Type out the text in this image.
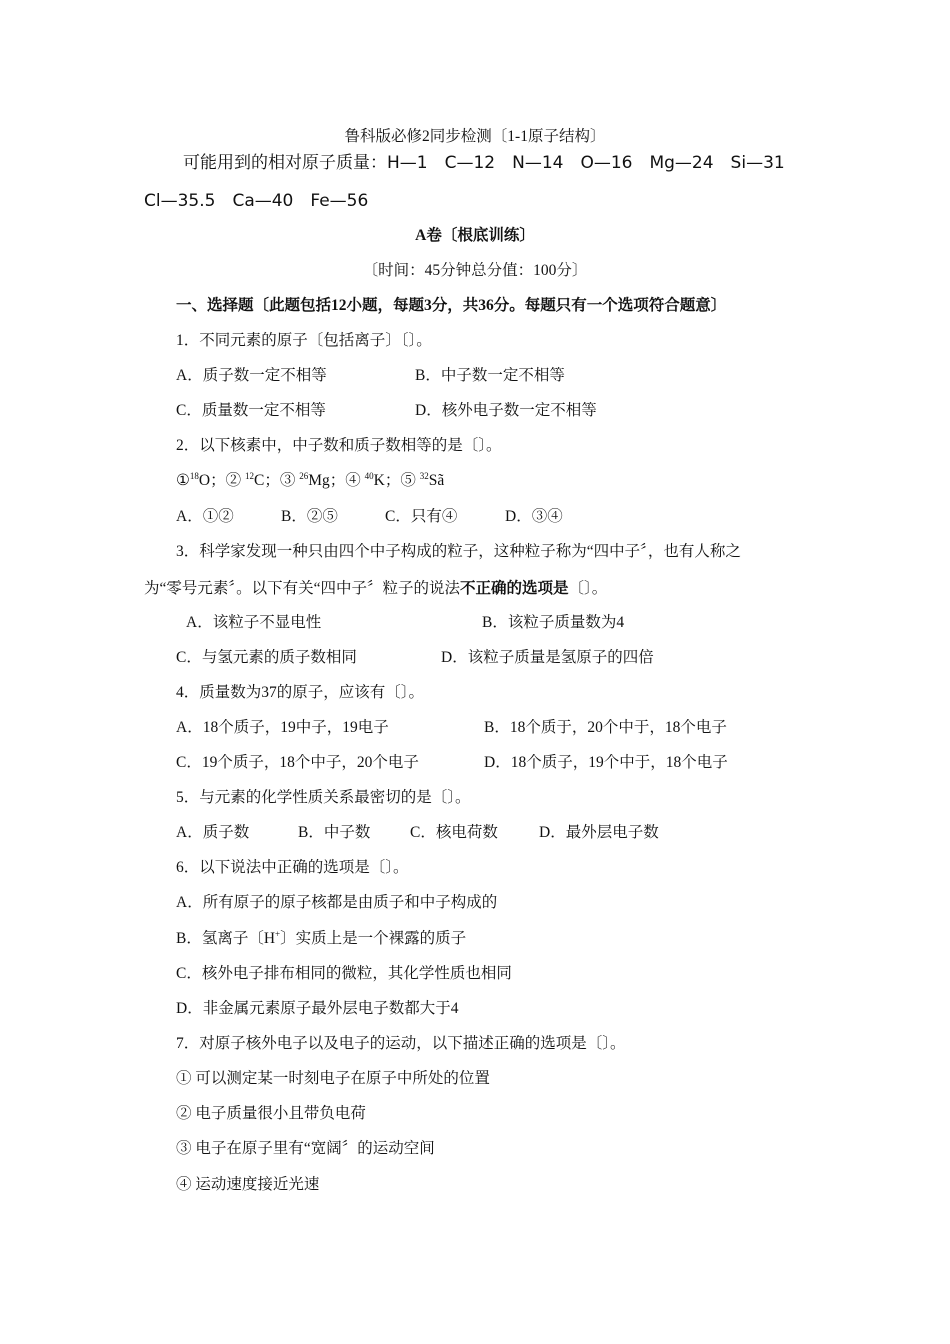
鲁科版必修2同步检测〔1-1原子结构〕
可能用到的相对原子质量：H—1　C—12　N—14　O—16　Mg—24　Si—31
Cl—35.5　Ca—40　Fe—56
A卷〔根底训练〕
〔时间：45分钟总分值：100分〕
一、选择题〔此题包括12小题，每题3分，共36分。每题只有一个选项符合题意〕
1．不同元素的原子〔包括离子〕〔〕。
A．质子数一定不相等	B．中子数一定不相等
C．质量数一定不相等	D．核外电子数一定不相等
2．以下核素中，中子数和质子数相等的是〔〕。
①$^{18}$O；② $^{12}$C；③ $^{26}$Mg；④ $^{40}$K；⑤ $^{32}$Sã
A．①②	B．②⑤	C．只有④	D．③④
3．科学家发现一种只由四个中子构成的粒子，这种粒子称为“四中子〞，也有人称之
为“零号元素〞。以下有关“四中子〞粒子的说法不正确的选项是〔〕。
A．该粒子不显电性	B．该粒子质量数为4
C．与氢元素的质子数相同	D．该粒子质量是氢原子的四倍
4．质量数为37的原子，应该有〔〕。
A．18个质子，19中子，19电子	B．18个质于，20个中于，18个电子
C．19个质子，18个中子，20个电子	D．18个质子，19个中于，18个电子
5．与元素的化学性质关系最密切的是〔〕。
A．质子数	B．中子数	C．核电荷数	D．最外层电子数
6．以下说法中正确的选项是〔〕。
A．所有原子的原子核都是由质子和中子构成的
B．氢离子〔H+〕实质上是一个裸露的质子
C．核外电子排布相同的微粒，其化学性质也相同
D．非金属元素原子最外层电子数都大于4
7．对原子核外电子以及电子的运动，以下描述正确的选项是〔〕。
① 可以测定某一时刻电子在原子中所处的位置
② 电子质量很小且带负电荷
③ 电子在原子里有“宽阔〞的运动空间
④ 运动速度接近光速
